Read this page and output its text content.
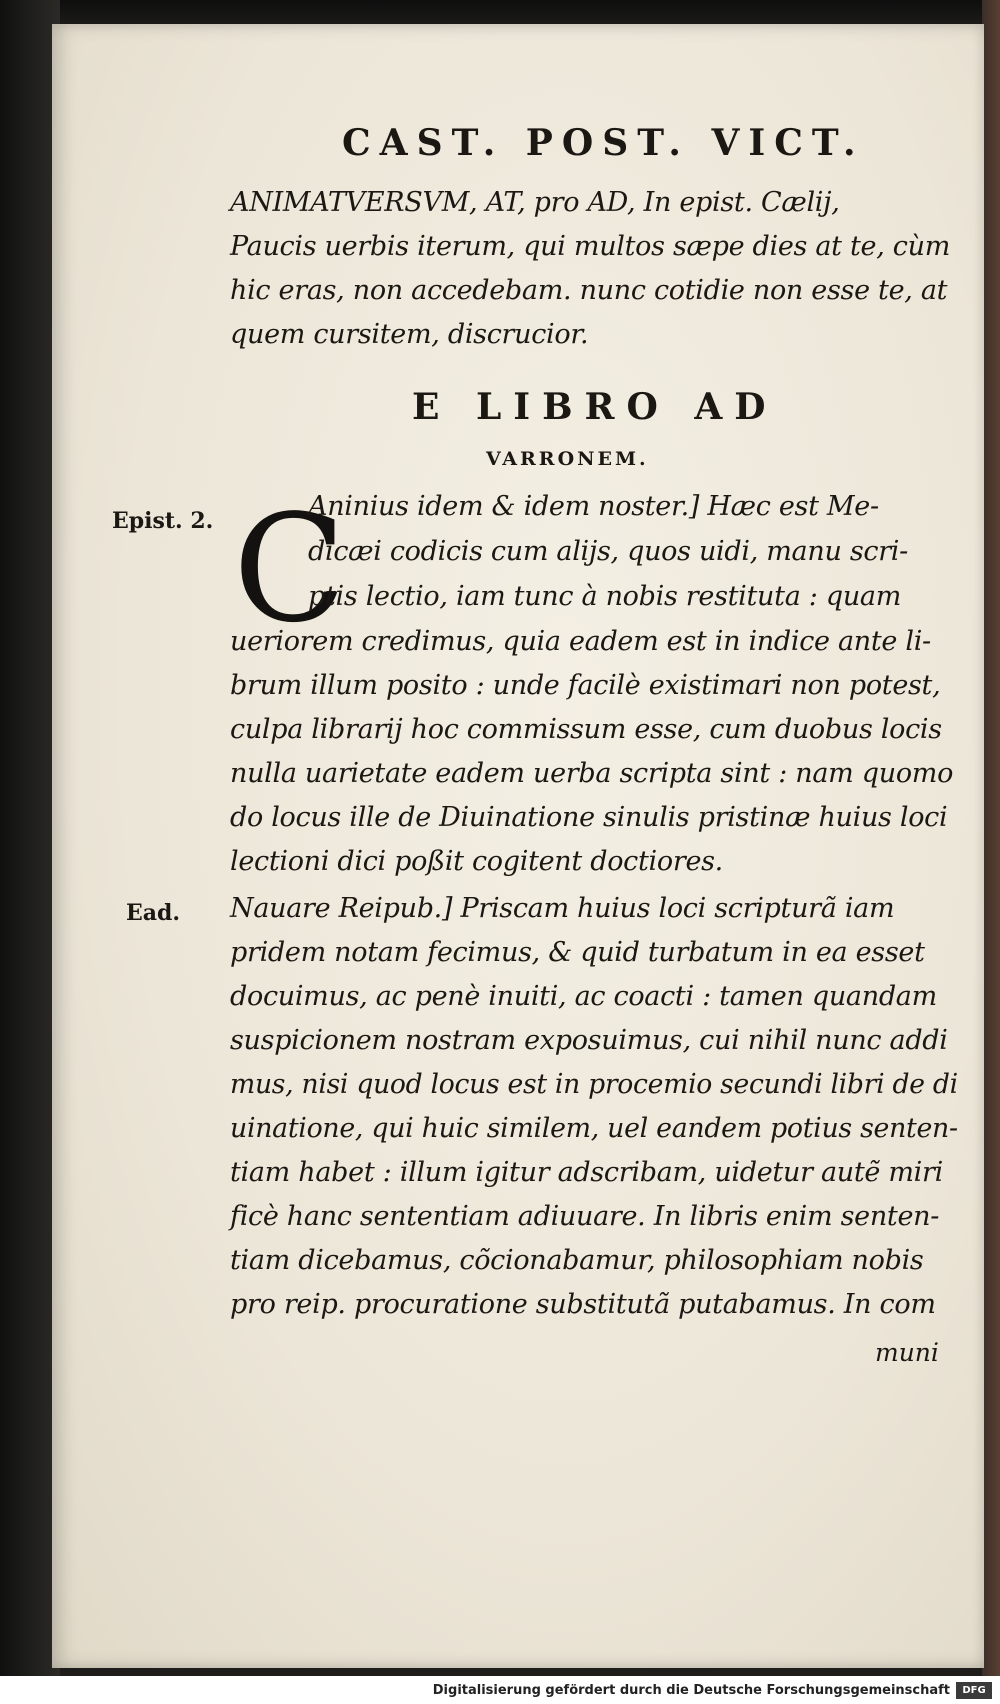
CAST. POST. VICT.
ANIMATVERSVM, AT, pro AD, In epist. Cælij,
Paucis uerbis iterum, qui multos sæpe dies at te, cùm
hic eras, non accedebam. nunc cotidie non esse te, at
quem cursitem, discrucior.
E LIBRO AD
VARRONEM.
Epist. 2. C
Aninius idem & idem noster.] Hæc est Me-
dicæi codicis cum alijs, quos uidi, manu scri-
ptis lectio, iam tunc à nobis restituta : quam
ueriorem credimus, quia eadem est in indice ante li-
brum illum posito : unde facilè existimari non potest,
culpa librarij hoc commissum esse, cum duobus locis
nulla uarietate eadem uerba scripta sint : nam quomo
do locus ille de Diuinatione sinulis pristinæ huius loci
lectioni dici poßit cogitent doctiores.
Ead. Nauare Reipub.] Priscam huius loci scripturã iam
pridem notam fecimus, & quid turbatum in ea esset
docuimus, ac penè inuiti, ac coacti : tamen quandam
suspicionem nostram exposuimus, cui nihil nunc addi
mus, nisi quod locus est in procemio secundi libri de di
uinatione, qui huic similem, uel eandem potius senten-
tiam habet : illum igitur adscribam, uidetur autẽ miri
ficè hanc sententiam adiuuare. In libris enim senten-
tiam dicebamus, cõcionabamur, philosophiam nobis
pro reip. procuratione substitutã putabamus. In com
muni
Digitalisierung gefördert durch die Deutsche Forschungsgemeinschaft	DFG
